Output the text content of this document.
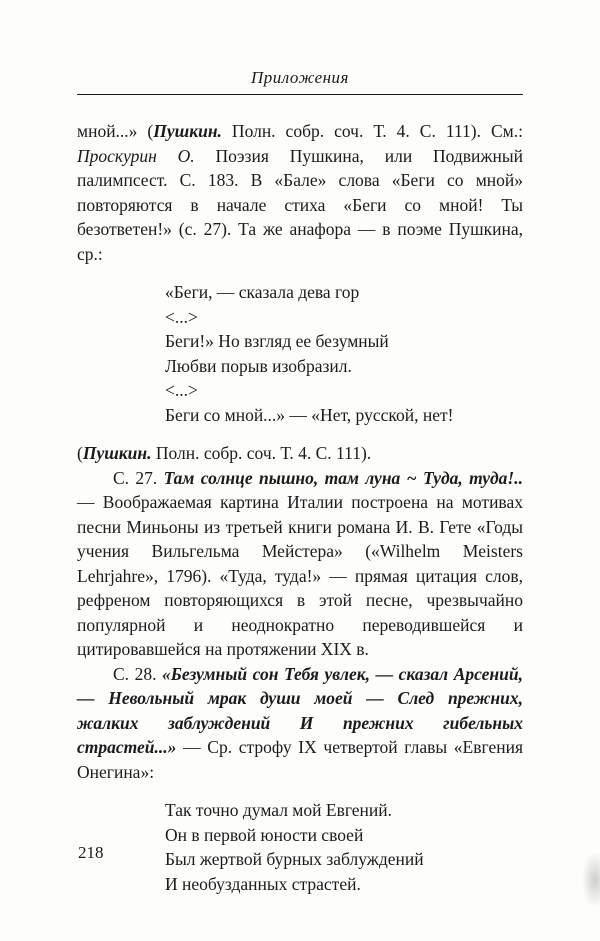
Приложения

мной...» (Пушкин. Полн. собр. соч. Т. 4. С. 111). См.: Проскурин О. Поэзия Пушкина, или Подвижный палимпсест. С. 183. В «Бале» слова «Беги со мной» повторяются в начале стиха «Беги со мной! Ты безответен!» (с. 27). Та же анафора — в поэме Пушкина, ср.:

«Беги, — сказала дева гор
<...>
Беги!» Но взгляд ее безумный
Любви порыв изобразил.
<...>
Беги со мной...» — «Нет, русской, нет!

(Пушкин. Полн. собр. соч. Т. 4. С. 111).

С. 27. Там солнце пышно, там луна ~ Туда, туда!.. — Воображаемая картина Италии построена на мотивах песни Миньоны из третьей книги романа И. В. Гете «Годы учения Вильгельма Мейстера» («Wilhelm Meisters Lehrjahre», 1796). «Туда, туда!» — прямая цитация слов, рефреном повторяющихся в этой песне, чрезвычайно популярной и неоднократно переводившейся и цитировавшейся на протяжении XIX в.

С. 28. «Безумный сон Тебя увлек, — сказал Арсений, — Невольный мрак души моей — След прежних, жалких заблуждений И прежних гибельных страстей...» — Ср. строфу IX четвертой главы «Евгения Онегина»:

Так точно думал мой Евгений.
Он в первой юности своей
Был жертвой бурных заблуждений
И необузданных страстей.
218
